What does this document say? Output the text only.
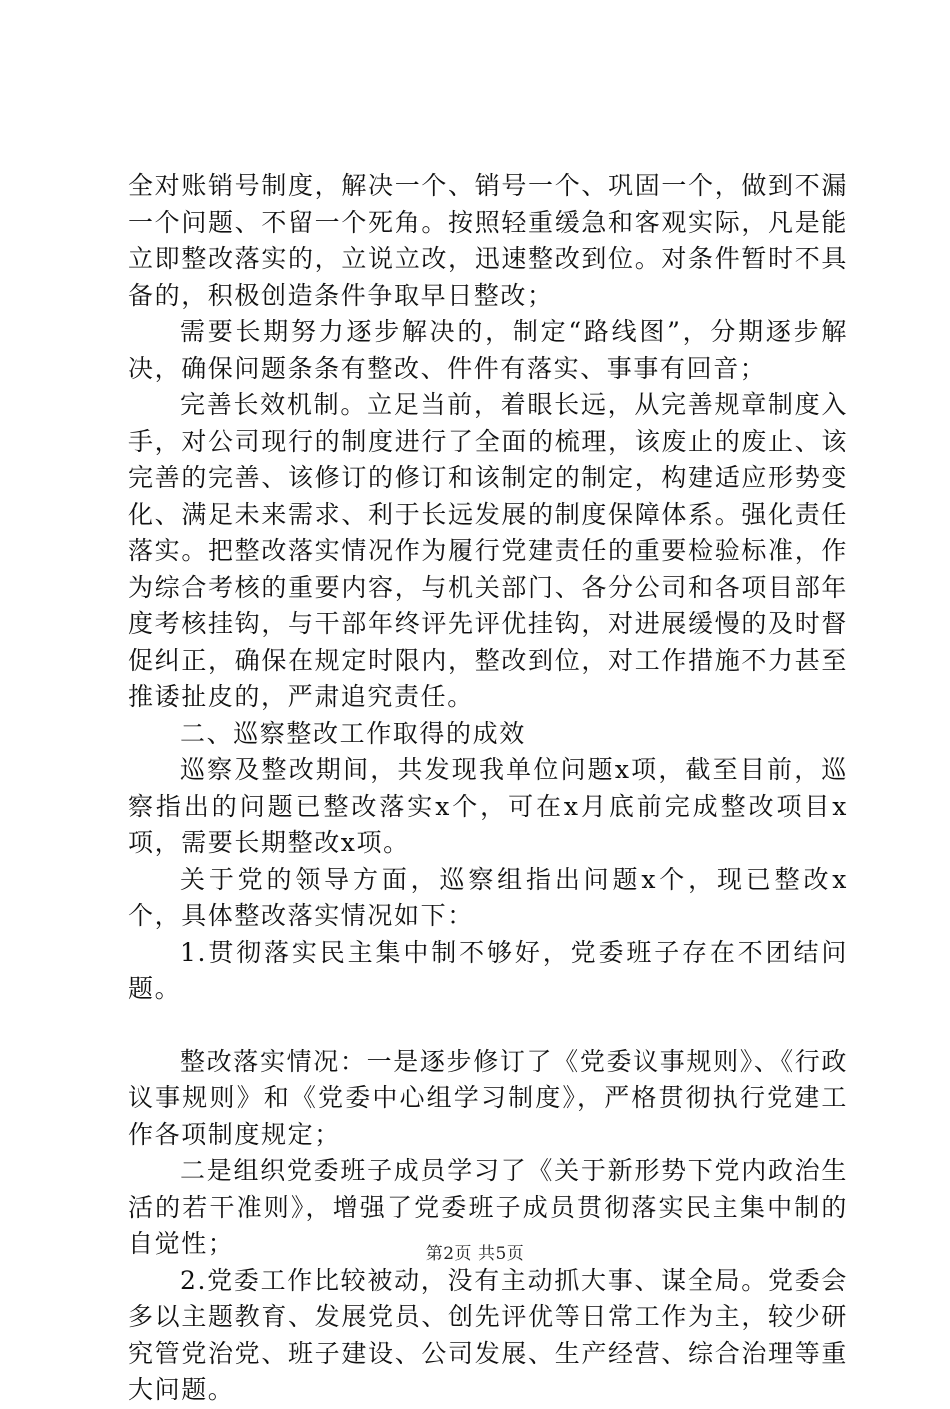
全对账销号制度，解决一个、销号一个、巩固一个，做到不漏一个问题、不留一个死角。按照轻重缓急和客观实际，凡是能立即整改落实的，立说立改，迅速整改到位。对条件暂时不具备的，积极创造条件争取早日整改；

需要长期努力逐步解决的，制定“路线图”，分期逐步解决，确保问题条条有整改、件件有落实、事事有回音；

完善长效机制。立足当前，着眼长远，从完善规章制度入手，对公司现行的制度进行了全面的梳理，该废止的废止、该完善的完善、该修订的修订和该制定的制定，构建适应形势变化、满足未来需求、利于长远发展的制度保障体系。强化责任落实。把整改落实情况作为履行党建责任的重要检验标准，作为综合考核的重要内容，与机关部门、各分公司和各项目部年度考核挂钩，与干部年终评先评优挂钩，对进展缓慢的及时督促纠正，确保在规定时限内，整改到位，对工作措施不力甚至推诿扯皮的，严肃追究责任。

二、巡察整改工作取得的成效

巡察及整改期间，共发现我单位问题x项，截至目前，巡察指出的问题已整改落实x个，可在x月底前完成整改项目x项，需要长期整改x项。

关于党的领导方面，巡察组指出问题x个，现已整改x个，具体整改落实情况如下：

1.贯彻落实民主集中制不够好，党委班子存在不团结问题。

整改落实情况：一是逐步修订了《党委议事规则》、《行政议事规则》和《党委中心组学习制度》，严格贯彻执行党建工作各项制度规定；

二是组织党委班子成员学习了《关于新形势下党内政治生活的若干准则》，增强了党委班子成员贯彻落实民主集中制的自觉性；

2.党委工作比较被动，没有主动抓大事、谋全局。党委会多以主题教育、发展党员、创先评优等日常工作为主，较少研究管党治党、班子建设、公司发展、生产经营、综合治理等重大问题。

第2页 共5页
